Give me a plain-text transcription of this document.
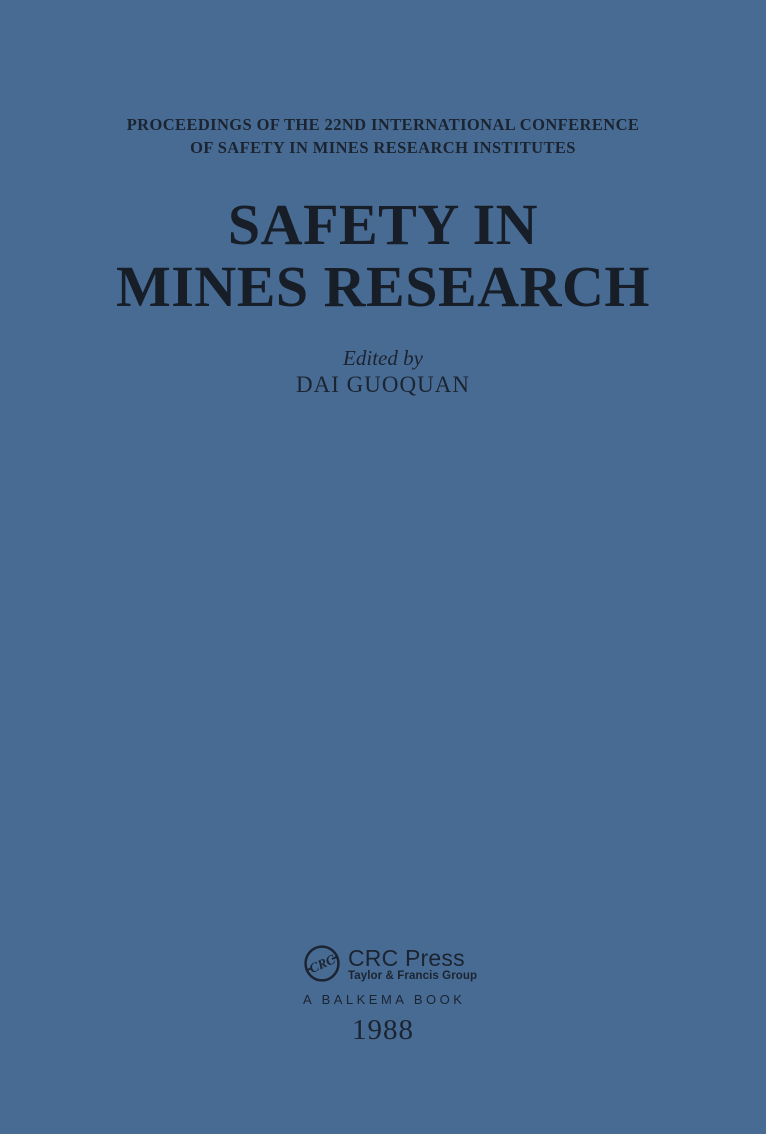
PROCEEDINGS OF THE 22ND INTERNATIONAL CONFERENCE
OF SAFETY IN MINES RESEARCH INSTITUTES
SAFETY IN
MINES RESEARCH
Edited by
DAI GUOQUAN
CRC CRC Press
Taylor & Francis Group
A BALKEMA BOOK
1988
